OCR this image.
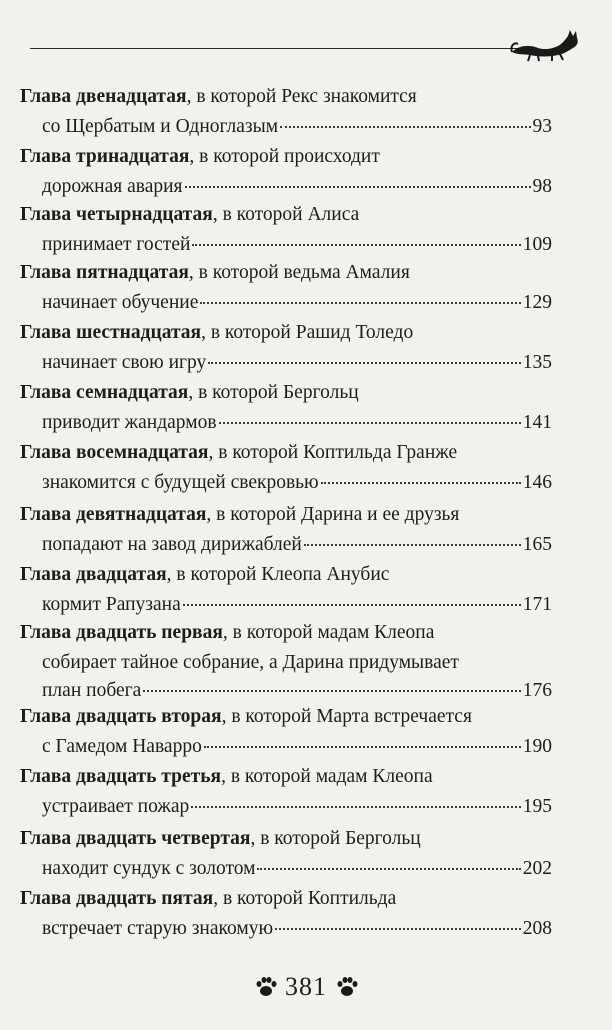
Глава двенадцатая, в которой Рекс знакомится
со Щербатым и Одноглазым	93
Глава тринадцатая, в которой происходит
дорожная авария	98
Глава четырнадцатая, в которой Алиса
принимает гостей	109
Глава пятнадцатая, в которой ведьма Амалия
начинает обучение	129
Глава шестнадцатая, в которой Рашид Толедо
начинает свою игру	135
Глава семнадцатая, в которой Бергольц
приводит жандармов	141
Глава восемнадцатая, в которой Коптильда Гранже
знакомится с будущей свекровью	146
Глава девятнадцатая, в которой Дарина и ее друзья
попадают на завод дирижаблей	165
Глава двадцатая, в которой Клеопа Анубис
кормит Рапузана	171
Глава двадцать первая, в которой мадам Клеопа
собирает тайное собрание, а Дарина придумывает
план побега	176
Глава двадцать вторая, в которой Марта встречается
с Гамедом Наварро	190
Глава двадцать третья, в которой мадам Клеопа
устраивает пожар	195
Глава двадцать четвертая, в которой Бергольц
находит сундук с золотом	202
Глава двадцать пятая, в которой Коптильда
встречает старую знакомую	208
381
